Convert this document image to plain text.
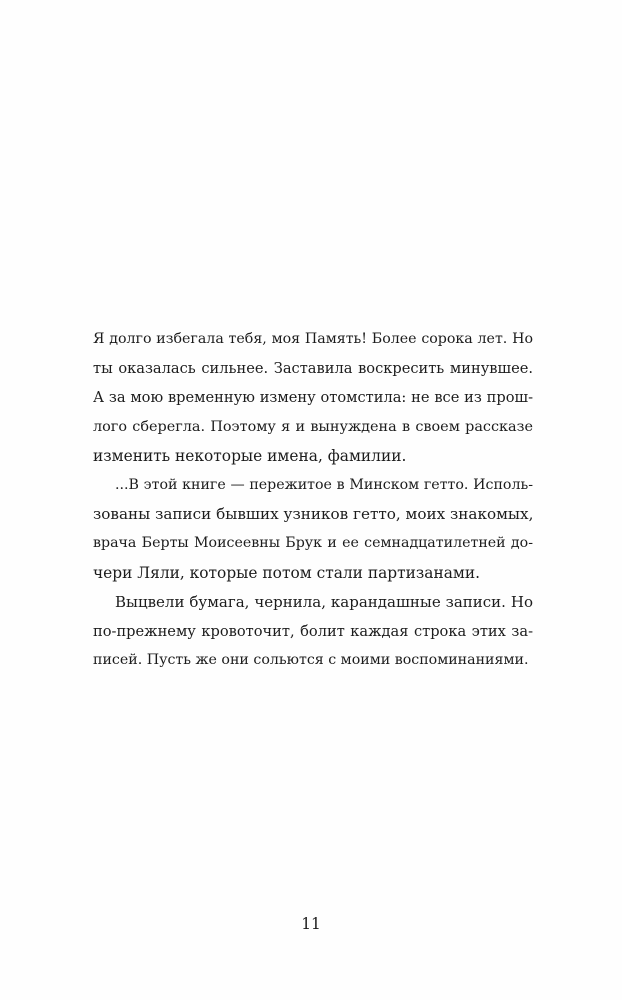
Я долго избегала тебя, моя Память! Более сорока лет. Но
ты оказалась сильнее. Заставила воскресить минувшее.
А за мою временную измену отомстила: не все из прош-
лого сберегла. Поэтому я и вынуждена в своем рассказе
изменить некоторые имена, фамилии.
...В этой книге — пережитое в Минском гетто. Исполь-
зованы записи бывших узников гетто, моих знакомых,
врача Берты Моисеевны Брук и ее семнадцатилетней до-
чери Ляли, которые потом стали партизанами.
Выцвели бумага, чернила, карандашные записи. Но
по-прежнему кровоточит, болит каждая строка этих за-
писей. Пусть же они сольются с моими воспоминаниями.
11
